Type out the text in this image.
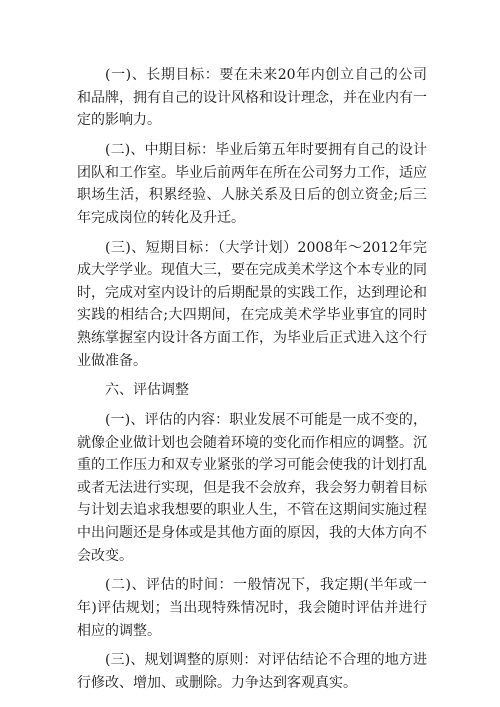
(一)、长期目标：要在未来20年内创立自己的公司和品牌，拥有自己的设计风格和设计理念，并在业内有一定的影响力。

(二)、中期目标：毕业后第五年时要拥有自己的设计团队和工作室。毕业后前两年在所在公司努力工作，适应职场生活，积累经验、人脉关系及日后的创立资金;后三年完成岗位的转化及升迁。

(三)、短期目标：（大学计划）2008年～2012年完成大学学业。现值大三，要在完成美术学这个本专业的同时，完成对室内设计的后期配景的实践工作，达到理论和实践的相结合;大四期间，在完成美术学毕业事宜的同时熟练掌握室内设计各方面工作，为毕业后正式进入这个行业做准备。

六、评估调整

(一)、评估的内容：职业发展不可能是一成不变的，就像企业做计划也会随着环境的变化而作相应的调整。沉重的工作压力和双专业紧张的学习可能会使我的计划打乱或者无法进行实现，但是我不会放弃，我会努力朝着目标与计划去追求我想要的职业人生，不管在这期间实施过程中出问题还是身体或是其他方面的原因，我的大体方向不会改变。

(二)、评估的时间：一般情况下，我定期(半年或一年)评估规划；当出现特殊情况时，我会随时评估并进行相应的调整。

(三)、规划调整的原则：对评估结论不合理的地方进行修改、增加、或删除。力争达到客观真实。
